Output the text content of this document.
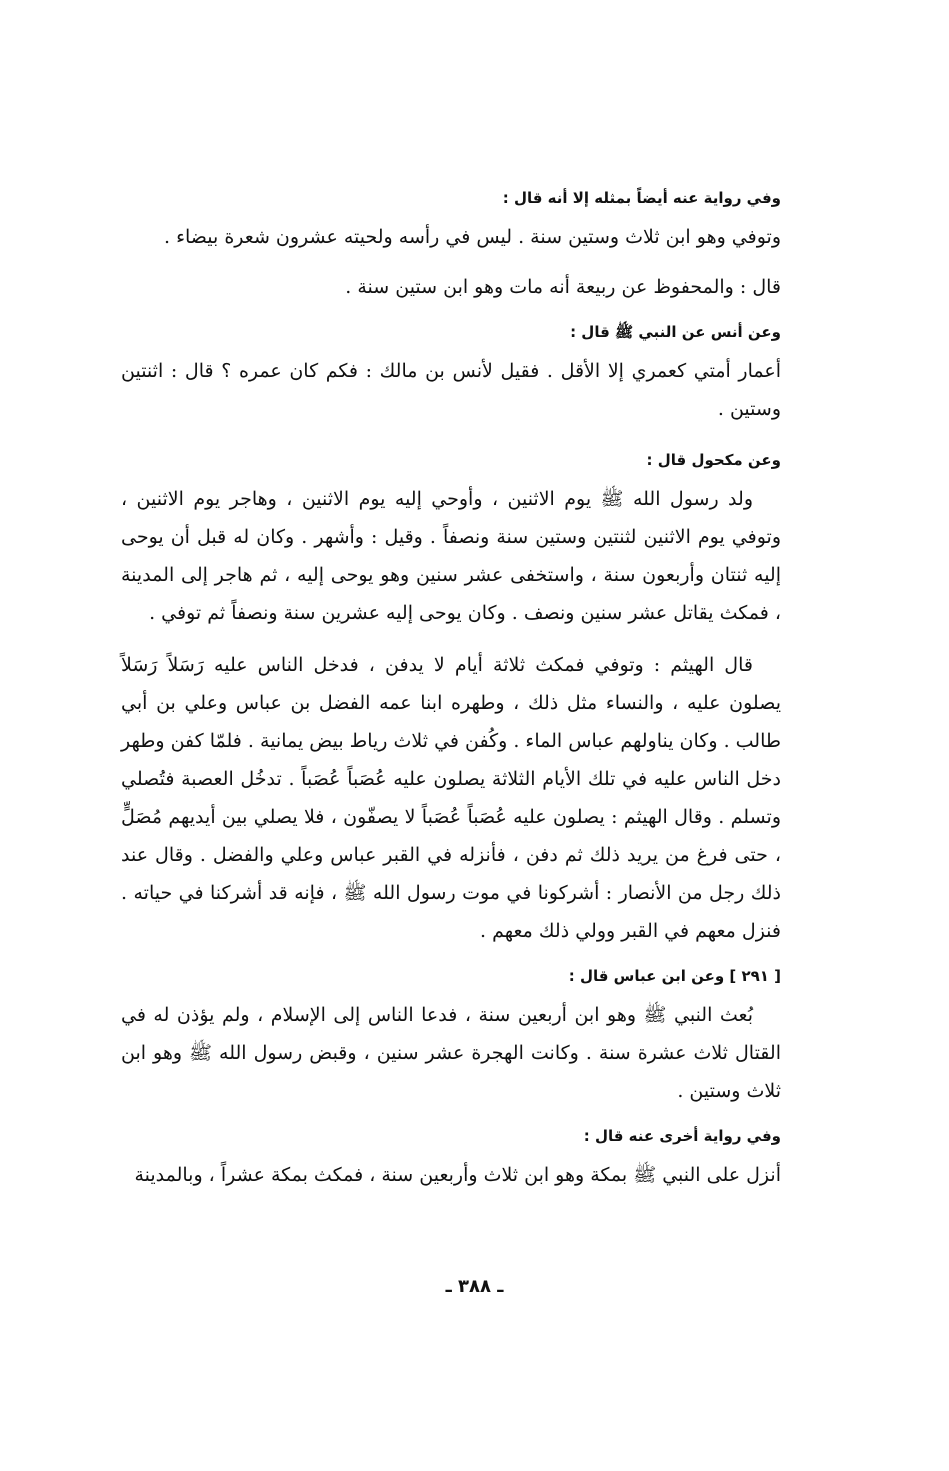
وفي رواية عنه أيضاً بمثله إلا أنه قال :
وتوفي وهو ابن ثلاث وستين سنة . ليس في رأسه ولحيته عشرون شعرة بيضاء .
قال : والمحفوظ عن ربيعة أنه مات وهو ابن ستين سنة .
وعن أنس عن النبي ﷺ قال :
أعمار أمتي كعمري إلا الأقل . فقيل لأنس بن مالك : فكم كان عمره ؟ قال : اثنتين وستين .
وعن مكحول قال :
ولد رسول الله ﷺ يوم الاثنين ، وأوحي إليه يوم الاثنين ، وهاجر يوم الاثنين ، وتوفي يوم الاثنين لثنتين وستين سنة ونصفاً . وقيل : وأشهر . وكان له قبل أن يوحى إليه ثنتان وأربعون سنة ، واستخفى عشر سنين وهو يوحى إليه ، ثم هاجر إلى المدينة ، فمكث يقاتل عشر سنين ونصف . وكان يوحى إليه عشرين سنة ونصفاً ثم توفي .
قال الهيثم : وتوفي فمكث ثلاثة أيام لا يدفن ، فدخل الناس عليه رَسَلاً رَسَلاً يصلون عليه ، والنساء مثل ذلك ، وطهره ابنا عمه الفضل بن عباس وعلي بن أبي طالب . وكان يناولهم عباس الماء . وكُفن في ثلاث رياط بيض يمانية . فلمّا كفن وطهر دخل الناس عليه في تلك الأيام الثلاثة يصلون عليه عُصَباً عُصَباً . تدخُل العصبة فتُصلي وتسلم . وقال الهيثم : يصلون عليه عُصَباً عُصَباً لا يصفّون ، فلا يصلي بين أيديهم مُصَلٍّ ، حتى فرغ من يريد ذلك ثم دفن ، فأنزله في القبر عباس وعلي والفضل . وقال عند ذلك رجل من الأنصار : أشركونا في موت رسول الله ﷺ ، فإنه قد أشركنا في حياته . فنزل معهم في القبر وولي ذلك معهم .
[ ٢٩١ ] وعن ابن عباس قال :
بُعث النبي ﷺ وهو ابن أربعين سنة ، فدعا الناس إلى الإسلام ، ولم يؤذن له في القتال ثلاث عشرة سنة . وكانت الهجرة عشر سنين ، وقبض رسول الله ﷺ وهو ابن ثلاث وستين .
وفي رواية أخرى عنه قال :
أنزل على النبي ﷺ بمكة وهو ابن ثلاث وأربعين سنة ، فمكث بمكة عشراً ، وبالمدينة
ـ ٣٨٨ ـ
